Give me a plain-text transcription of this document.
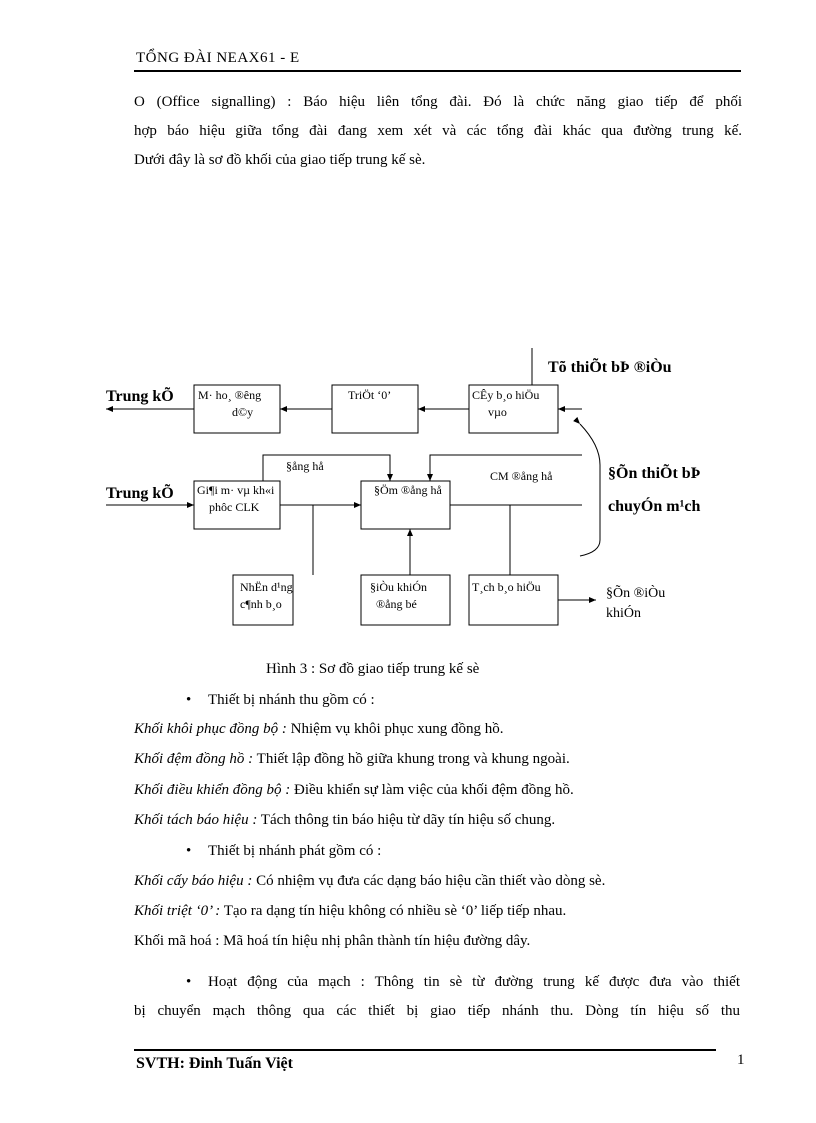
TỔNG ĐÀI NEAX61 - E
O (Office signalling) : Báo hiệu liên tổng đài. Đó là chức năng giao tiếp để phối
hợp báo hiệu giữa tổng đài đang xem xét và các tổng đài khác qua đường trung kế.
Dưới đây là sơ đồ khối của giao tiếp trung kế sè.
M· ho¸ ®êng
d©y
TriÖt ‘0’	CÊy b¸o hiÖu
vµo
Gi¶i m· vµ kh«i
phôc CLK
§Öm ®ång hå
NhËn d¹ng
c¶nh b¸o
§iÒu khiÓn
®ång bé
T¸ch b¸o hiÖu
§ång hå
CM ®ång hå
Trung kÕ
Trung kÕ
Tõ thiÕt bÞ ®iÒu
§Õn thiÕt bÞ
chuyÓn m¹ch
§Õn ®iÒu
khiÓn
Hình 3 : Sơ đồ giao tiếp trung kế sè
• Thiết bị nhánh thu gồm có :
Khối khôi phục đồng bộ : Nhiệm vụ khôi phục xung đồng hồ.
Khối đệm đồng hồ : Thiết lập đồng hồ giữa khung trong và khung ngoài.
Khối điều khiển đồng bộ : Điều khiển sự làm việc của khối đệm đồng hồ.
Khối tách báo hiệu : Tách thông tin báo hiệu từ dãy tín hiệu số chung.
• Thiết bị nhánh phát gồm có :
Khối cấy báo hiệu : Có nhiệm vụ đưa các dạng báo hiệu cần thiết vào dòng sè.
Khối triệt ‘0’ : Tạo ra dạng tín hiệu không có nhiều sè ‘0’ liếp tiếp nhau.
Khối mã hoá : Mã hoá tín hiệu nhị phân thành tín hiệu đường dây.
• Hoạt động của mạch : Thông tin sè từ đường trung kế được đưa vào thiết
bị chuyển mạch thông qua các thiết bị giao tiếp nhánh thu. Dòng tín hiệu số thu
SVTH: Đinh Tuấn Việt	1
